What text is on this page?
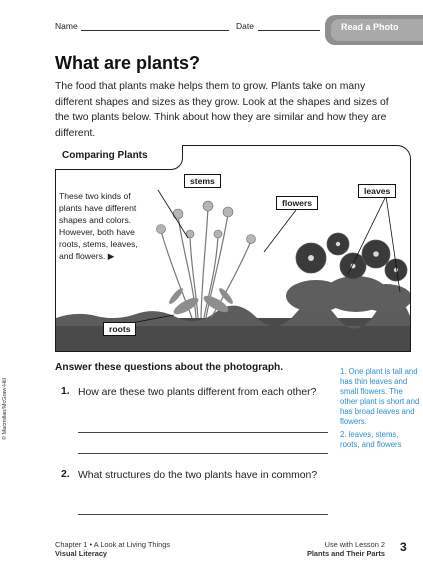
Name	Date	Read a Photo
What are plants?
The food that plants make helps them to grow. Plants take on many different shapes and sizes as they grow. Look at the shapes and sizes of the two plants below. Think about how they are similar and how they are different.
Comparing Plants
These two kinds of plants have different shapes and colors. However, both have roots, stems, leaves, and flowers. ▶
stems
flowers
leaves
roots
Answer these questions about the photograph.
1. How are these two plants different from each other?
2. What structures do the two plants have in common?
1. One plant is tall and has thin leaves and small flowers. The other plant is short and has broad leaves and flowers.
2. leaves, stems, roots, and flowers
© Macmillan/McGraw-Hill
Chapter 1 • A Look at Living Things
Visual Literacy
Use with Lesson 2
Plants and Their Parts 3
